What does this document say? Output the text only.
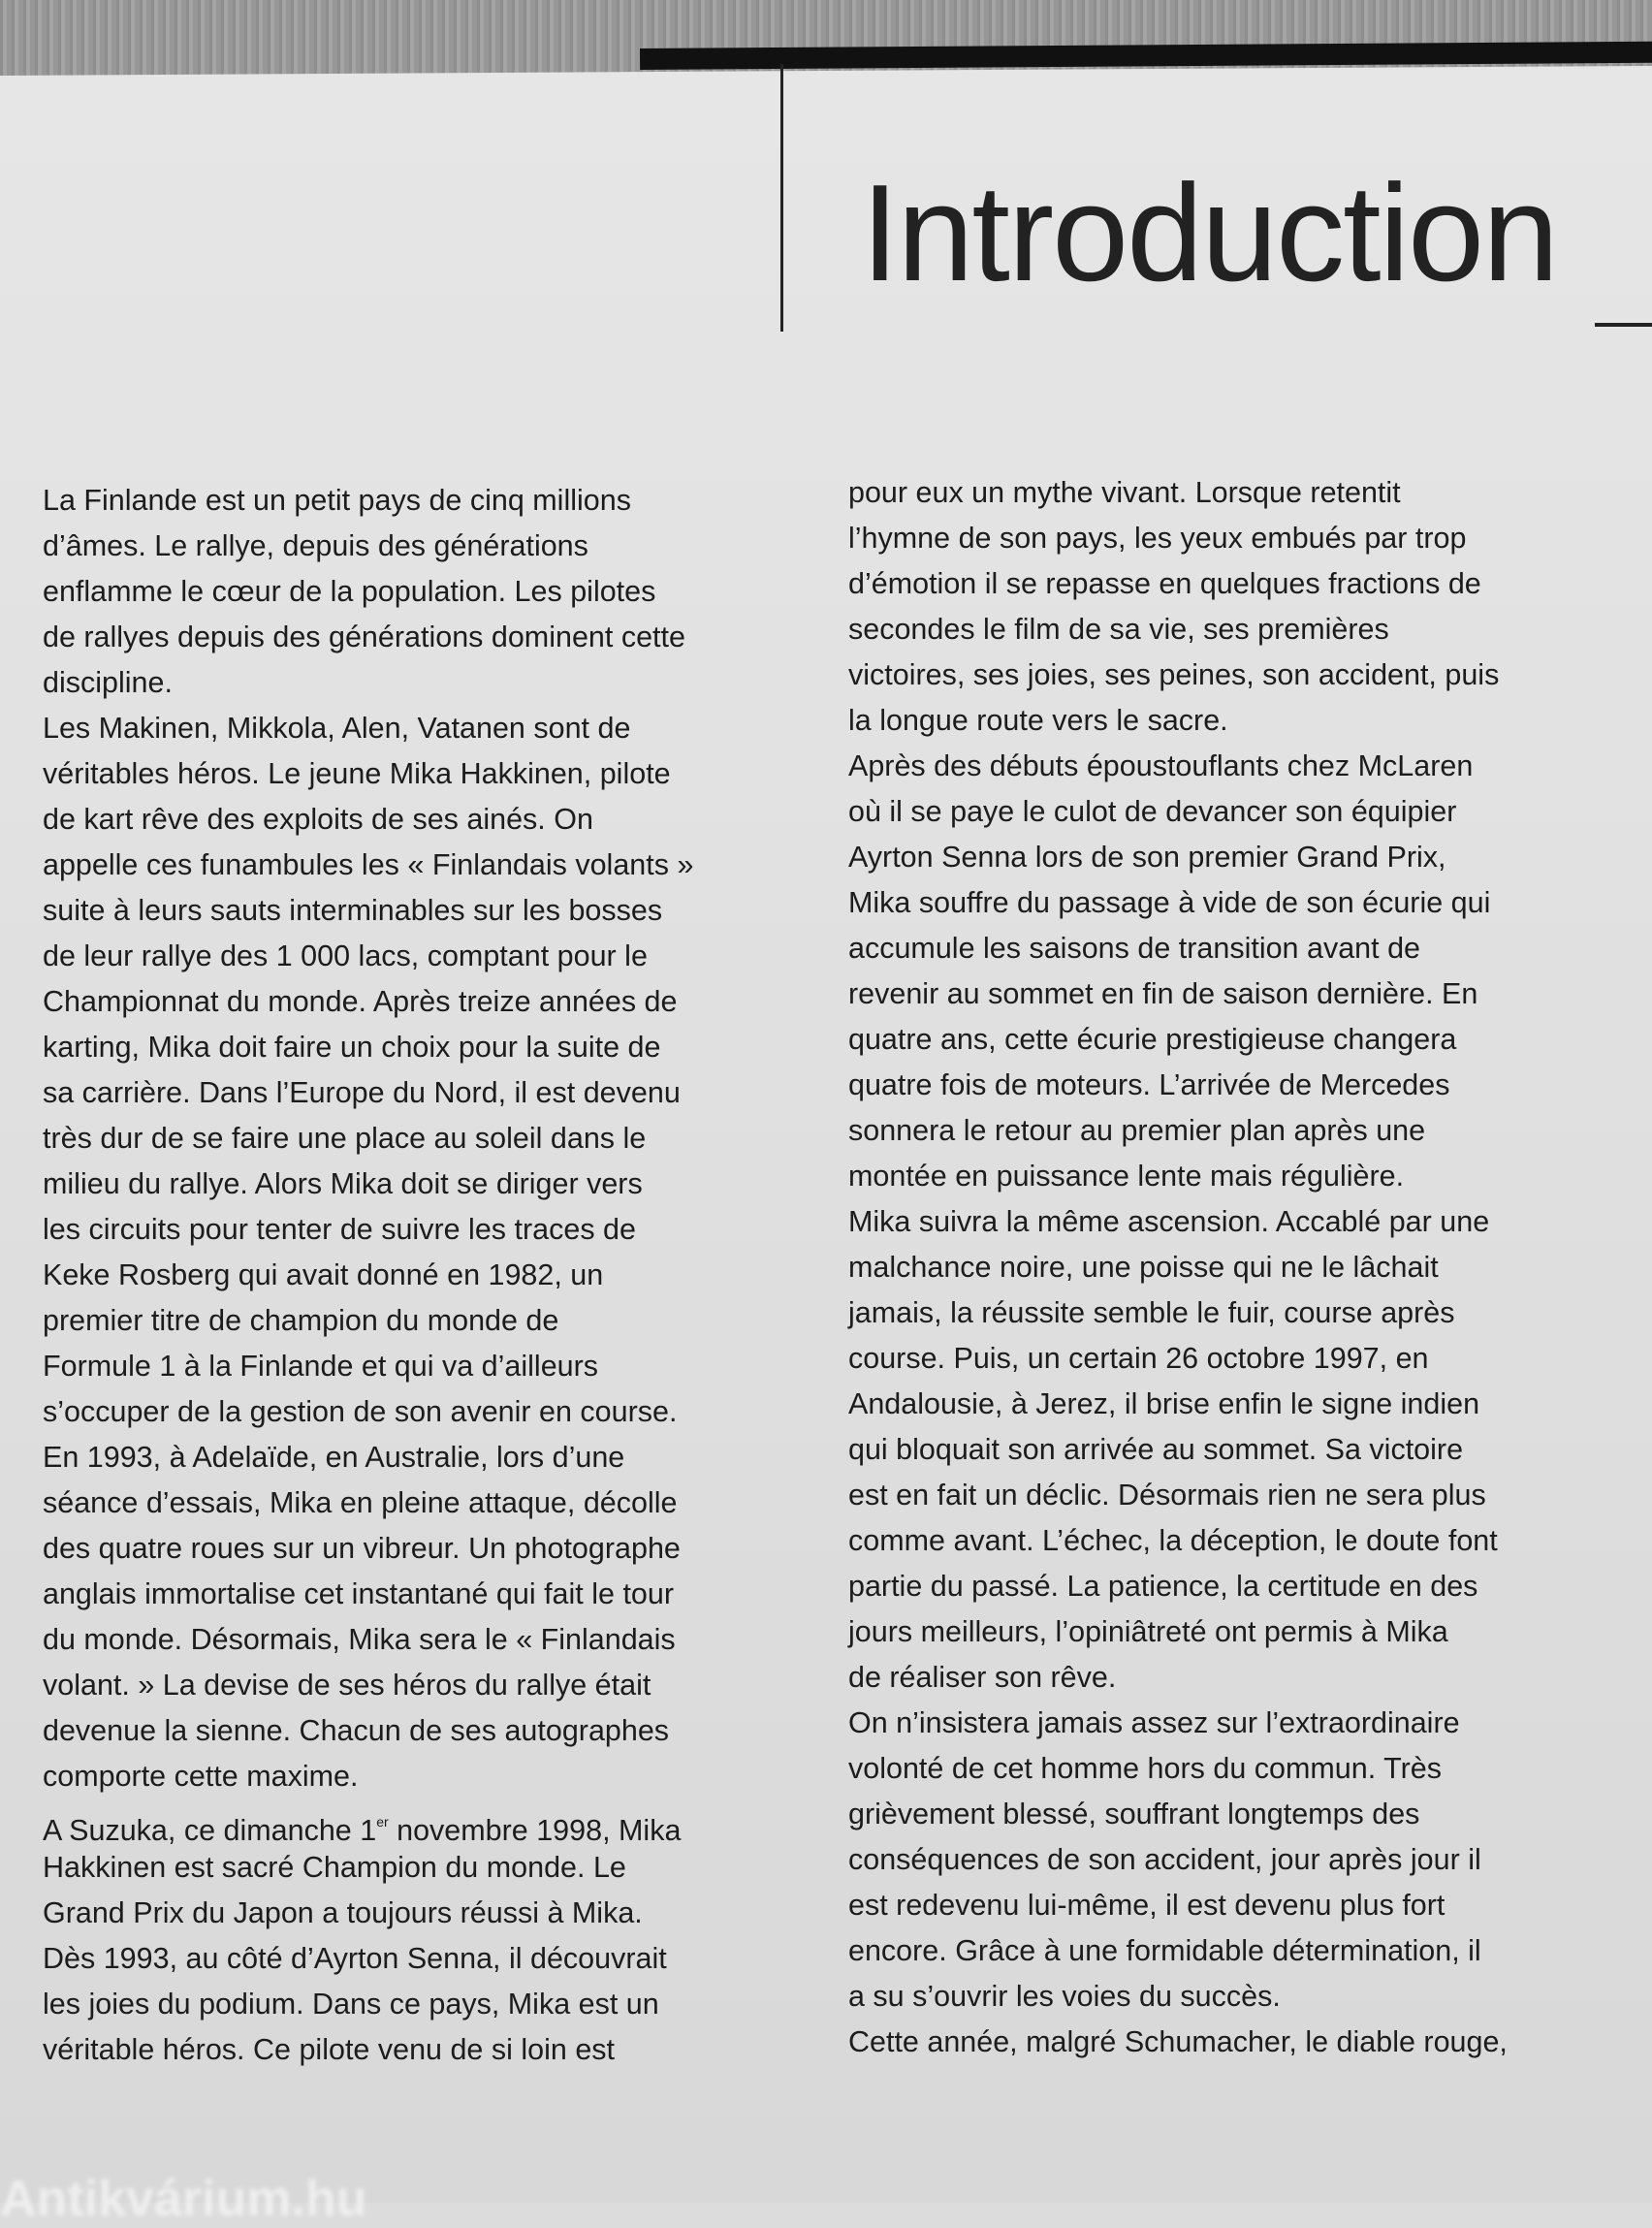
Introduction
La Finlande est un petit pays de cinq millions
d’âmes. Le rallye, depuis des générations
enflamme le cœur de la population. Les pilotes
de rallyes depuis des générations dominent cette
discipline.
Les Makinen, Mikkola, Alen, Vatanen sont de
véritables héros. Le jeune Mika Hakkinen, pilote
de kart rêve des exploits de ses ainés. On
appelle ces funambules les « Finlandais volants »
suite à leurs sauts interminables sur les bosses
de leur rallye des 1 000 lacs, comptant pour le
Championnat du monde. Après treize années de
karting, Mika doit faire un choix pour la suite de
sa carrière. Dans l’Europe du Nord, il est devenu
très dur de se faire une place au soleil dans le
milieu du rallye. Alors Mika doit se diriger vers
les circuits pour tenter de suivre les traces de
Keke Rosberg qui avait donné en 1982, un
premier titre de champion du monde de
Formule 1 à la Finlande et qui va d’ailleurs
s’occuper de la gestion de son avenir en course.
En 1993, à Adelaïde, en Australie, lors d’une
séance d’essais, Mika en pleine attaque, décolle
des quatre roues sur un vibreur. Un photographe
anglais immortalise cet instantané qui fait le tour
du monde. Désormais, Mika sera le « Finlandais
volant. » La devise de ses héros du rallye était
devenue la sienne. Chacun de ses autographes
comporte cette maxime.
A Suzuka, ce dimanche 1er novembre 1998, Mika
Hakkinen est sacré Champion du monde. Le
Grand Prix du Japon a toujours réussi à Mika.
Dès 1993, au côté d’Ayrton Senna, il découvrait
les joies du podium. Dans ce pays, Mika est un
véritable héros. Ce pilote venu de si loin est
pour eux un mythe vivant. Lorsque retentit
l’hymne de son pays, les yeux embués par trop
d’émotion il se repasse en quelques fractions de
secondes le film de sa vie, ses premières
victoires, ses joies, ses peines, son accident, puis
la longue route vers le sacre.
Après des débuts époustouflants chez McLaren
où il se paye le culot de devancer son équipier
Ayrton Senna lors de son premier Grand Prix,
Mika souffre du passage à vide de son écurie qui
accumule les saisons de transition avant de
revenir au sommet en fin de saison dernière. En
quatre ans, cette écurie prestigieuse changera
quatre fois de moteurs. L’arrivée de Mercedes
sonnera le retour au premier plan après une
montée en puissance lente mais régulière.
Mika suivra la même ascension. Accablé par une
malchance noire, une poisse qui ne le lâchait
jamais, la réussite semble le fuir, course après
course. Puis, un certain 26 octobre 1997, en
Andalousie, à Jerez, il brise enfin le signe indien
qui bloquait son arrivée au sommet. Sa victoire
est en fait un déclic. Désormais rien ne sera plus
comme avant. L’échec, la déception, le doute font
partie du passé. La patience, la certitude en des
jours meilleurs, l’opiniâtreté ont permis à Mika
de réaliser son rêve.
On n’insistera jamais assez sur l’extraordinaire
volonté de cet homme hors du commun. Très
grièvement blessé, souffrant longtemps des
conséquences de son accident, jour après jour il
est redevenu lui-même, il est devenu plus fort
encore. Grâce à une formidable détermination, il
a su s’ouvrir les voies du succès.
Cette année, malgré Schumacher, le diable rouge,
Antikvárium.hu
